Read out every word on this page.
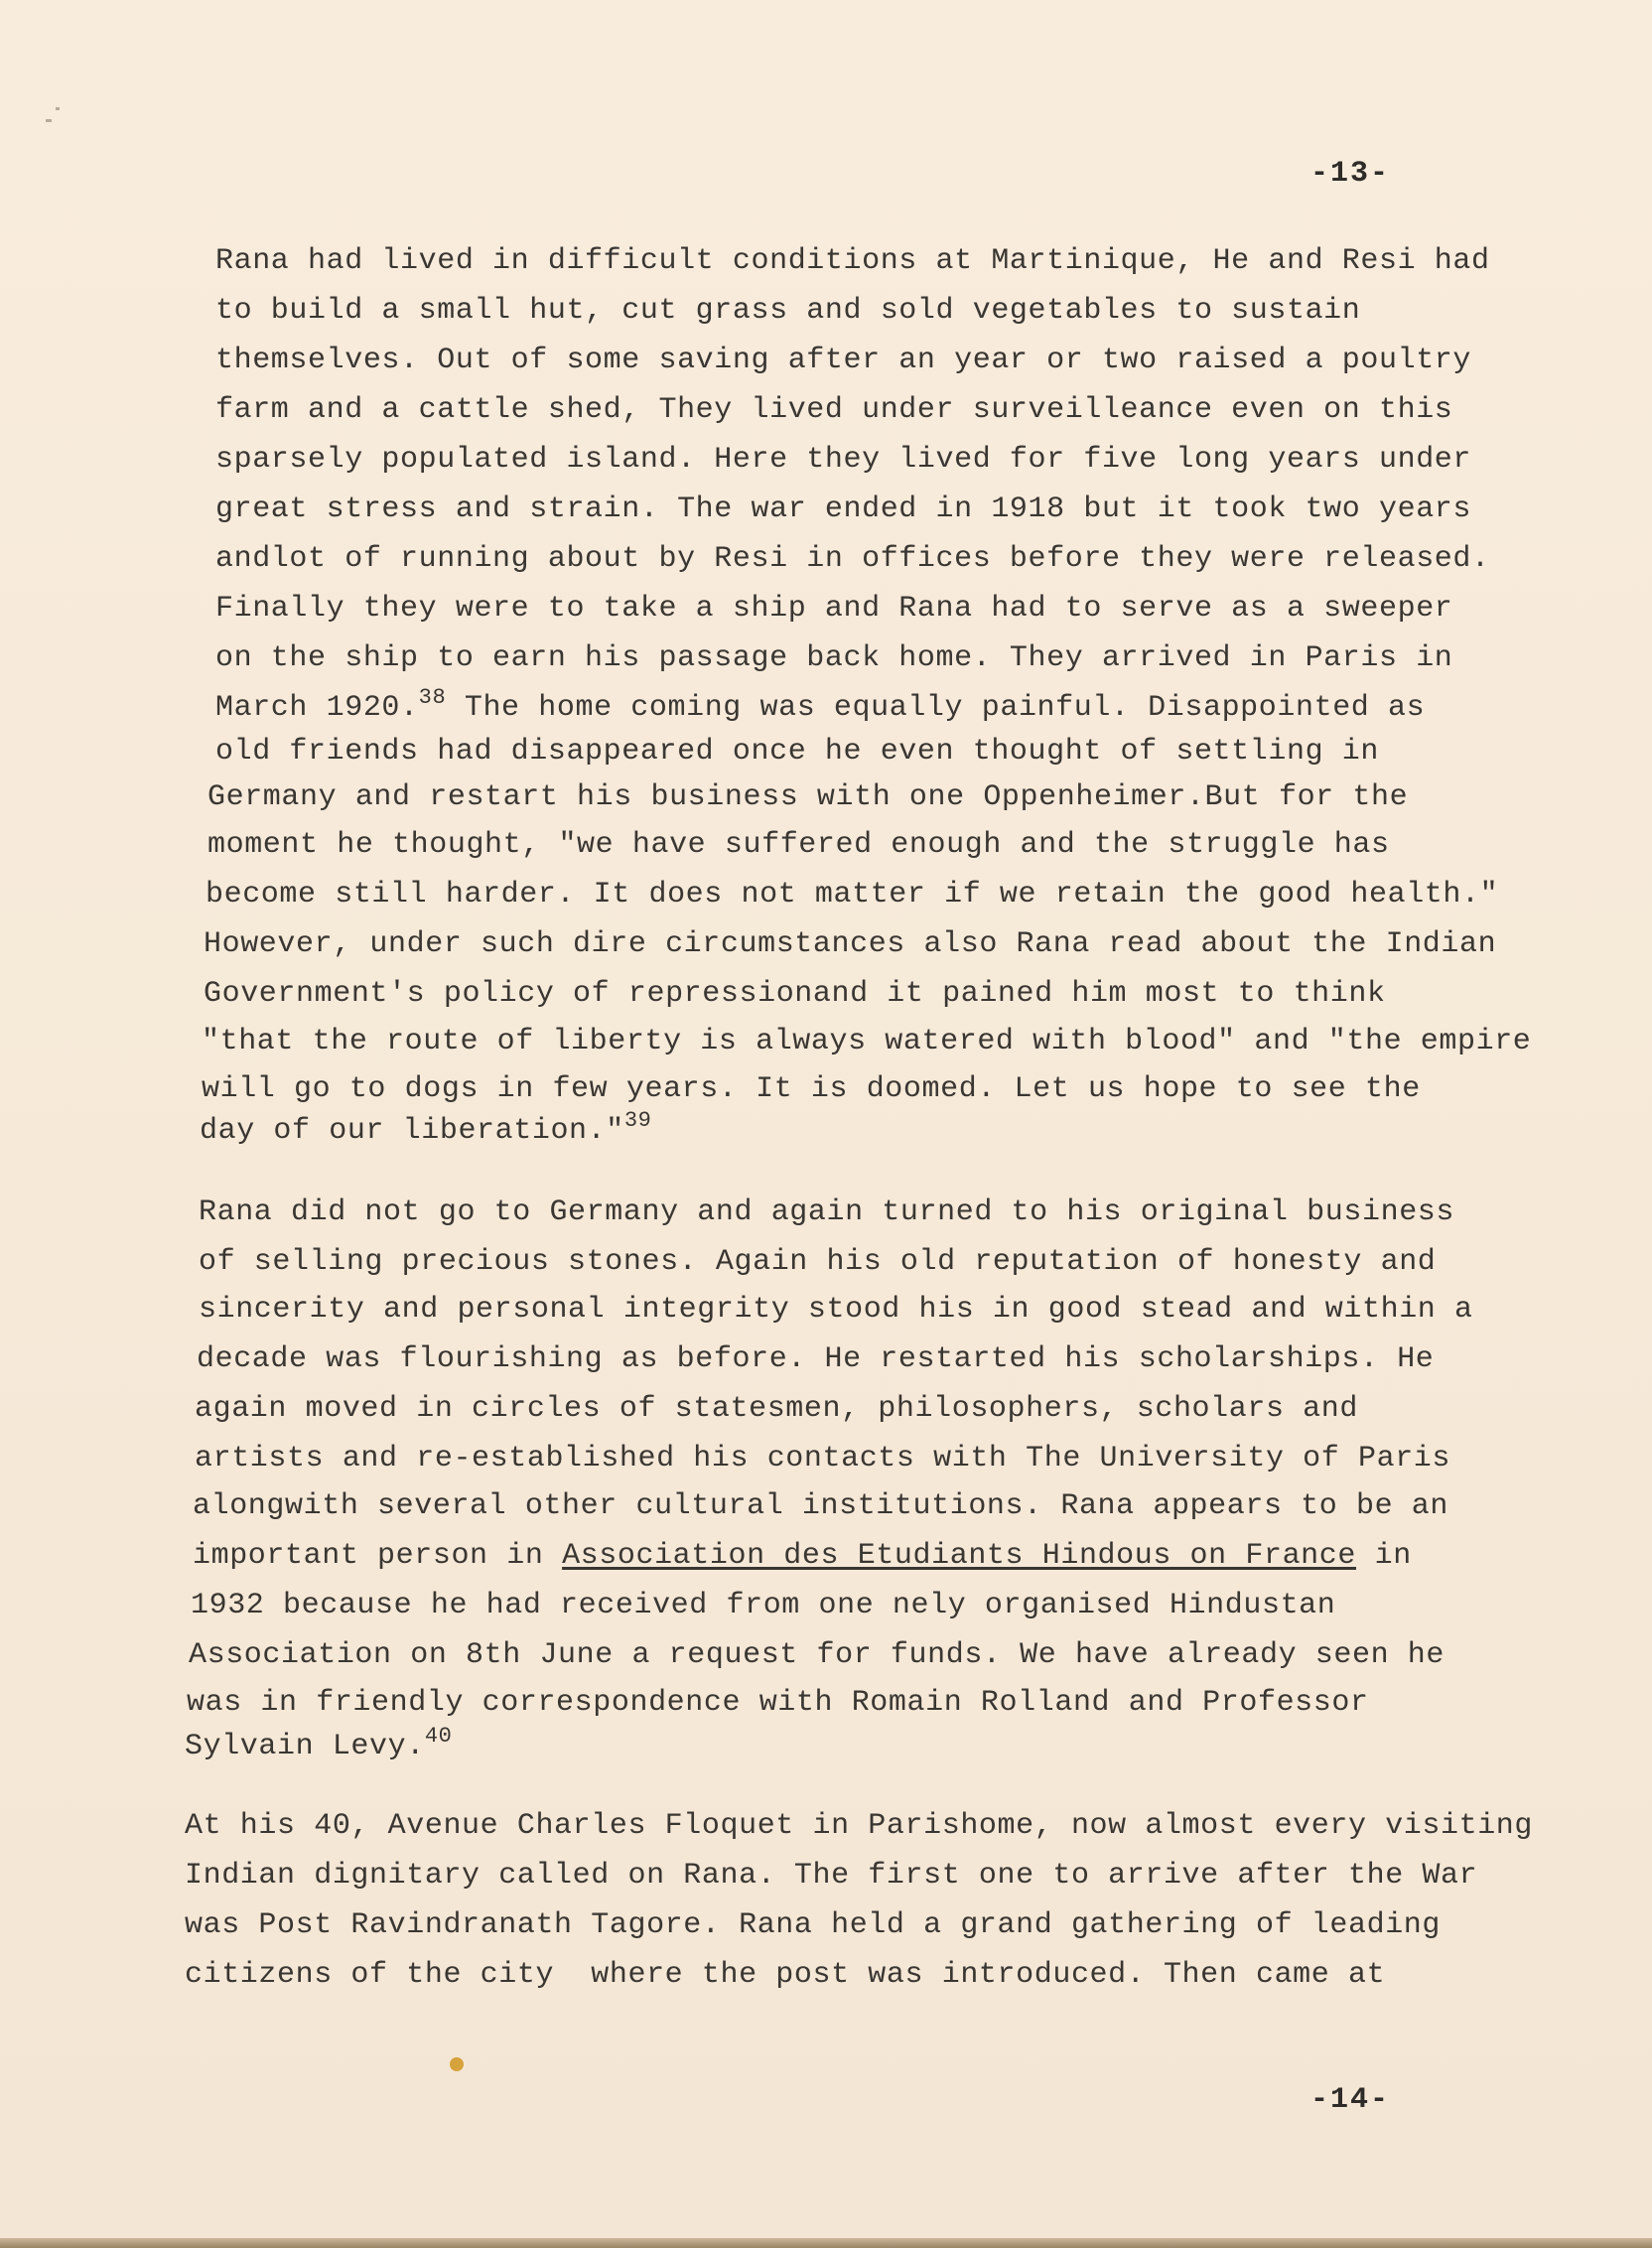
-13-
Rana had lived in difficult conditions at Martinique, He and Resi had
to build a small hut, cut grass and sold vegetables to sustain
themselves. Out of some saving after an year or two raised a poultry
farm and a cattle shed, They lived under surveilleance even on this
sparsely populated island. Here they lived for five long years under
great stress and strain. The war ended in 1918 but it took two years
andlot of running about by Resi in offices before they were released.
Finally they were to take a ship and Rana had to serve as a sweeper
on the ship to earn his passage back home. They arrived in Paris in
March 1920.38 The home coming was equally painful. Disappointed as
old friends had disappeared once he even thought of settling in
Germany and restart his business with one Oppenheimer.But for the
moment he thought, "we have suffered enough and the struggle has
become still harder. It does not matter if we retain the good health."
However, under such dire circumstances also Rana read about the Indian
Government's policy of repressionand it pained him most to think
"that the route of liberty is always watered with blood" and "the empire
will go to dogs in few years. It is doomed. Let us hope to see the
day of our liberation."$^{39}$
Rana did not go to Germany and again turned to his original business
of selling precious stones. Again his old reputation of honesty and
sincerity and personal integrity stood his in good stead and within a
decade was flourishing as before. He restarted his scholarships. He
again moved in circles of statesmen, philosophers, scholars and
artists and re-established his contacts with The University of Paris
alongwith several other cultural institutions. Rana appears to be an
important person in Association des Etudiants Hindous on France in
1932 because he had received from one nely organised Hindustan
Association on 8th June a request for funds. We have already seen he
was in friendly correspondence with Romain Rolland and Professor
Sylvain Levy.$^{40}$
At his 40, Avenue Charles Floquet in Parishome, now almost every visiting
Indian dignitary called on Rana. The first one to arrive after the War
was Post Ravindranath Tagore. Rana held a grand gathering of leading
citizens of the city  where the post was introduced. Then came at
-14-
